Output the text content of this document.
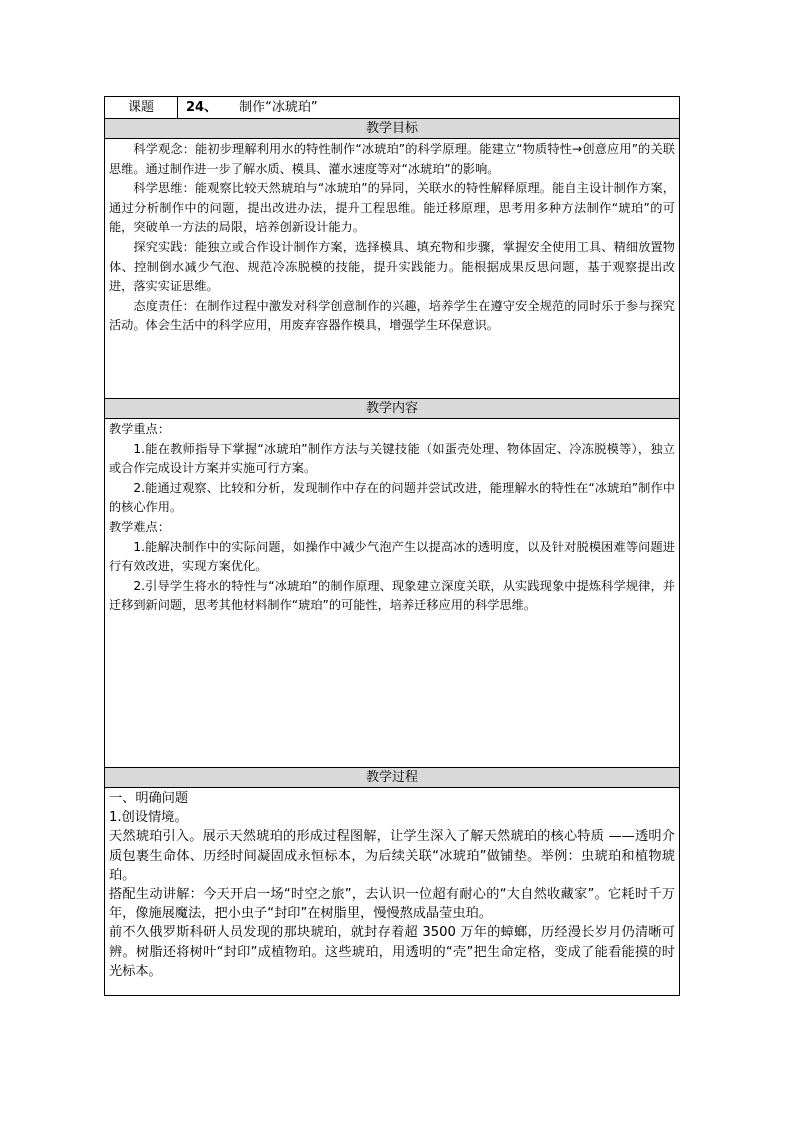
课题	24、 制作“冰琥珀”
教学目标

科学观念：能初步理解利用水的特性制作“冰琥珀”的科学原理。能建立“物质特性→创意应用”的关联思维。通过制作进一步了解水质、模具、灌水速度等对“冰琥珀”的影响。

科学思维：能观察比较天然琥珀与“冰琥珀”的异同，关联水的特性解释原理。能自主设计制作方案，通过分析制作中的问题，提出改进办法，提升工程思维。能迁移原理，思考用多种方法制作“琥珀”的可能，突破单一方法的局限，培养创新设计能力。

探究实践：能独立或合作设计制作方案，选择模具、填充物和步骤，掌握安全使用工具、精细放置物体、控制倒水减少气泡、规范冷冻脱模的技能，提升实践能力。能根据成果反思问题，基于观察提出改进，落实实证思维。

态度责任：在制作过程中激发对科学创意制作的兴趣，培养学生在遵守安全规范的同时乐于参与探究活动。体会生活中的科学应用，用废弃容器作模具，增强学生环保意识。

教学内容

教学重点：

1.能在教师指导下掌握“冰琥珀”制作方法与关键技能（如蛋壳处理、物体固定、冷冻脱模等），独立或合作完成设计方案并实施可行方案。

2.能通过观察、比较和分析，发现制作中存在的问题并尝试改进，能理解水的特性在“冰琥珀”制作中的核心作用。

教学难点：

1.能解决制作中的实际问题，如操作中减少气泡产生以提高冰的透明度，以及针对脱模困难等问题进行有效改进，实现方案优化。

2.引导学生将水的特性与“冰琥珀”的制作原理、现象建立深度关联，从实践现象中提炼科学规律，并迁移到新问题，思考其他材料制作“琥珀”的可能性，培养迁移应用的科学思维。

教学过程

一、明确问题

1.创设情境。

天然琥珀引入。展示天然琥珀的形成过程图解，让学生深入了解天然琥珀的核心特质 ——透明介质包裹生命体、历经时间凝固成永恒标本，为后续关联“冰琥珀”做铺垫。举例：虫琥珀和植物琥珀。

搭配生动讲解：今天开启一场“时空之旅”，去认识一位超有耐心的“大自然收藏家”。它耗时千万年，像施展魔法，把小虫子“封印”在树脂里，慢慢熬成晶莹虫珀。

前不久俄罗斯科研人员发现的那块琥珀，就封存着超 3500 万年的蟑螂，历经漫长岁月仍清晰可辨。树脂还将树叶“封印”成植物珀。这些琥珀，用透明的“壳”把生命定格，变成了能看能摸的时光标本。
